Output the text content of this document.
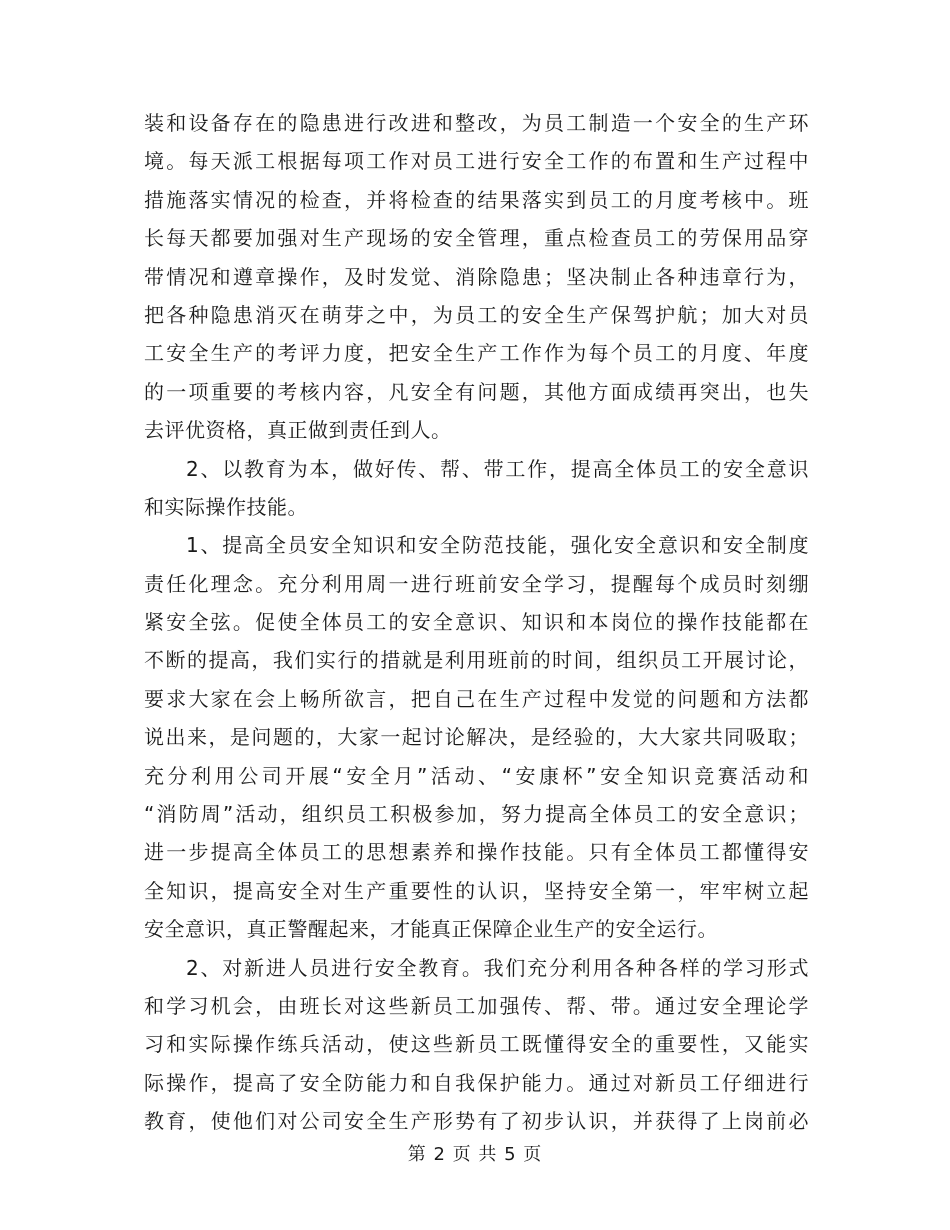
装和设备存在的隐患进行改进和整改，为员工制造一个安全的生产环
境。每天派工根据每项工作对员工进行安全工作的布置和生产过程中
措施落实情况的检查，并将检查的结果落实到员工的月度考核中。班
长每天都要加强对生产现场的安全管理，重点检查员工的劳保用品穿
带情况和遵章操作，及时发觉、消除隐患；坚决制止各种违章行为，
把各种隐患消灭在萌芽之中，为员工的安全生产保驾护航；加大对员
工安全生产的考评力度，把安全生产工作作为每个员工的月度、年度
的一项重要的考核内容，凡安全有问题，其他方面成绩再突出，也失
去评优资格，真正做到责任到人。
2、以教育为本，做好传、帮、带工作，提高全体员工的安全意识
和实际操作技能。
1、提高全员安全知识和安全防范技能，强化安全意识和安全制度
责任化理念。充分利用周一进行班前安全学习，提醒每个成员时刻绷
紧安全弦。促使全体员工的安全意识、知识和本岗位的操作技能都在
不断的提高，我们实行的措就是利用班前的时间，组织员工开展讨论，
要求大家在会上畅所欲言，把自己在生产过程中发觉的问题和方法都
说出来，是问题的，大家一起讨论解决，是经验的，大大家共同吸取；
充分利用公司开展“安全月”活动、“安康杯”安全知识竞赛活动和
“消防周”活动，组织员工积极参加，努力提高全体员工的安全意识；
进一步提高全体员工的思想素养和操作技能。只有全体员工都懂得安
全知识，提高安全对生产重要性的认识，坚持安全第一，牢牢树立起
安全意识，真正警醒起来，才能真正保障企业生产的安全运行。
2、对新进人员进行安全教育。我们充分利用各种各样的学习形式
和学习机会，由班长对这些新员工加强传、帮、带。通过安全理论学
习和实际操作练兵活动，使这些新员工既懂得安全的重要性，又能实
际操作，提高了安全防能力和自我保护能力。通过对新员工仔细进行
教育，使他们对公司安全生产形势有了初步认识，并获得了上岗前必
第 2 页 共 5 页
